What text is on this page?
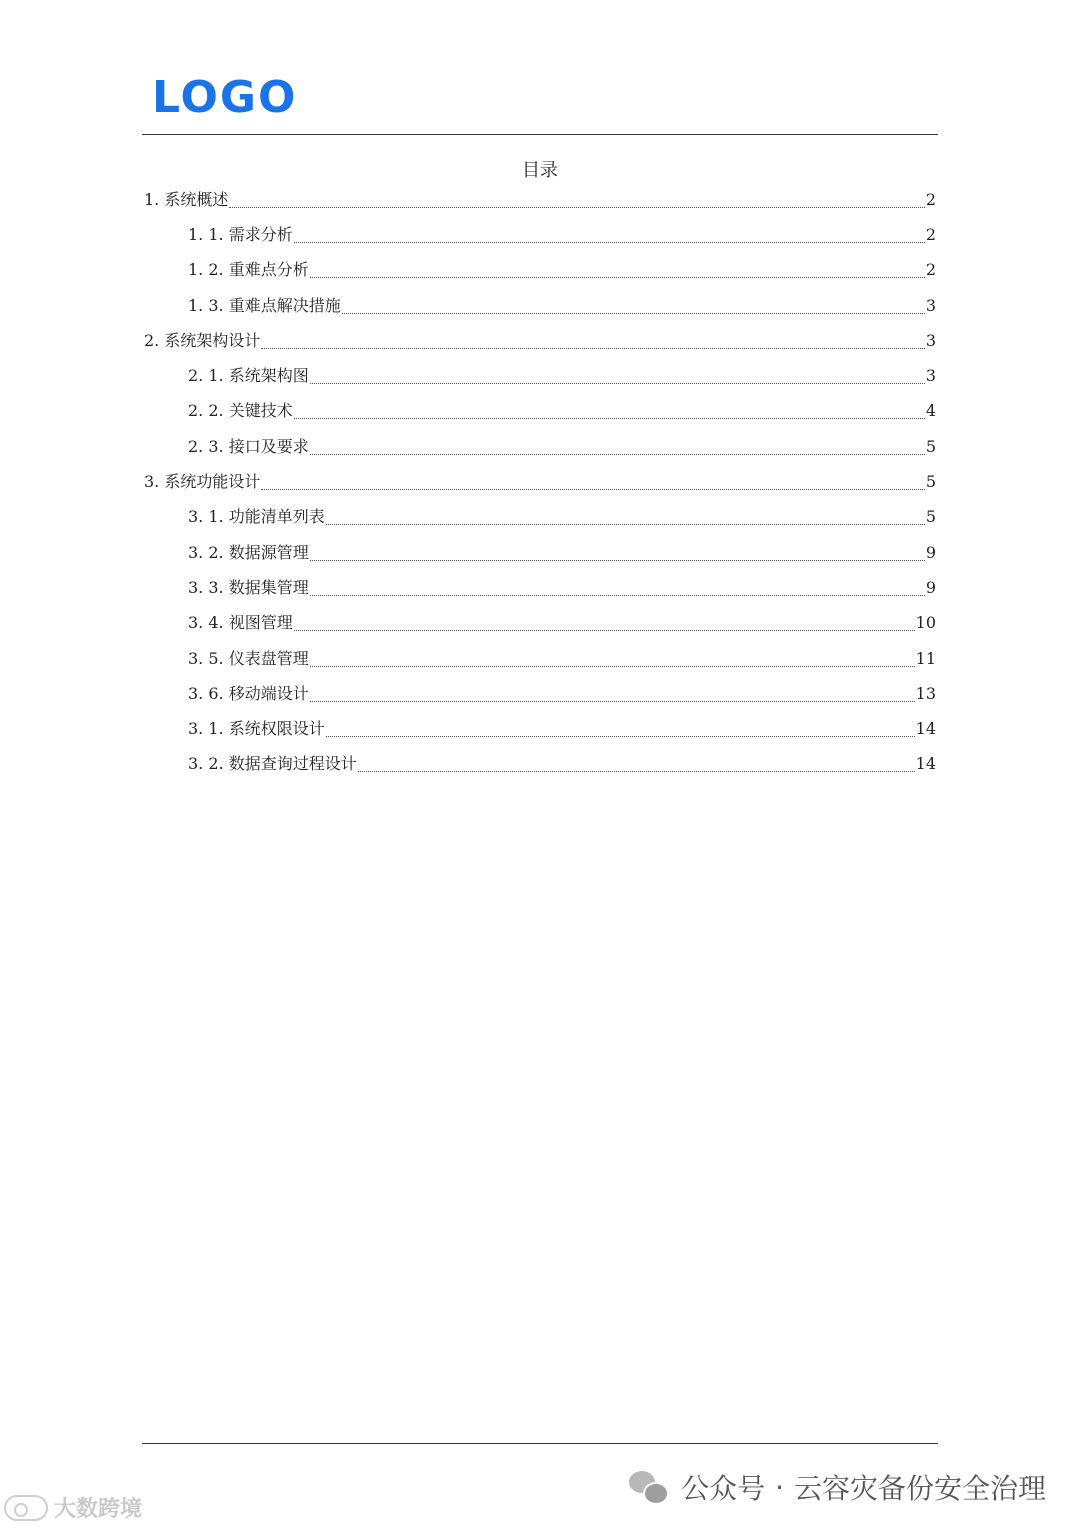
LOGO
目录
1. 系统概述	2
1. 1. 需求分析	2
1. 2. 重难点分析	2
1. 3. 重难点解决措施	3
2. 系统架构设计	3
2. 1. 系统架构图	3
2. 2. 关键技术	4
2. 3. 接口及要求	5
3. 系统功能设计	5
3. 1. 功能清单列表	5
3. 2. 数据源管理	9
3. 3. 数据集管理	9
3. 4. 视图管理	10
3. 5. 仪表盘管理	11
3. 6. 移动端设计	13
3. 1. 系统权限设计	14
3. 2. 数据查询过程设计	14
公众号 · 云容灾备份安全治理
大数跨境
